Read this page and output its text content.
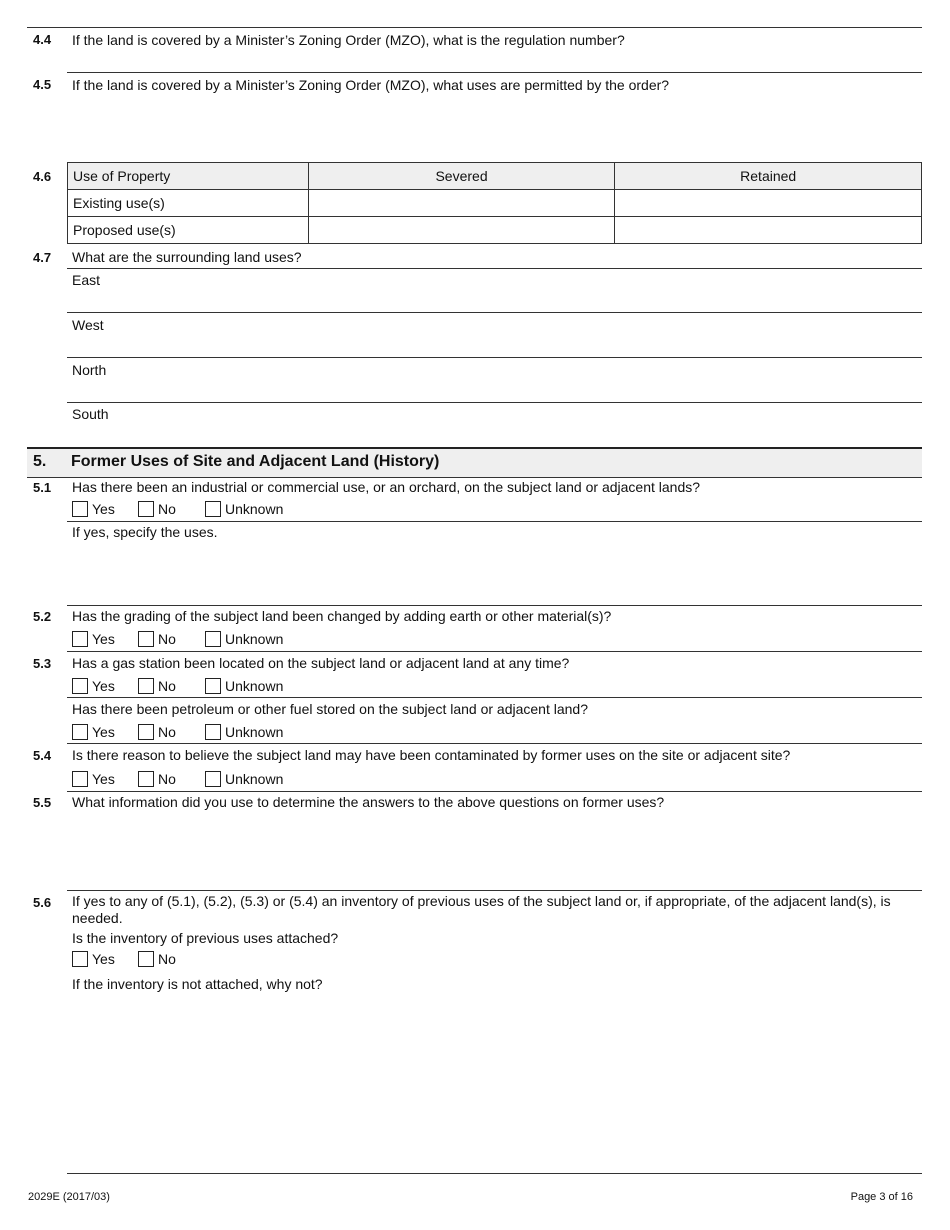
4.4 If the land is covered by a Minister’s Zoning Order (MZO), what is the regulation number?
4.5 If the land is covered by a Minister’s Zoning Order (MZO), what uses are permitted by the order?
4.6 Use of Property	Severed	Retained
Existing use(s)		
Proposed use(s)		
4.7 What are the surrounding land uses?
East
West
North
South
5. Former Uses of Site and Adjacent Land (History)
5.1 Has there been an industrial or commercial use, or an orchard, on the subject land or adjacent lands?
Yes	No	Unknown
If yes, specify the uses.
5.2 Has the grading of the subject land been changed by adding earth or other material(s)?
Yes	No	Unknown
5.3 Has a gas station been located on the subject land or adjacent land at any time?
Yes	No	Unknown
Has there been petroleum or other fuel stored on the subject land or adjacent land?
Yes	No	Unknown
5.4 Is there reason to believe the subject land may have been contaminated by former uses on the site or adjacent site?
Yes	No	Unknown
5.5 What information did you use to determine the answers to the above questions on former uses?
5.6 If yes to any of (5.1), (5.2), (5.3) or (5.4) an inventory of previous uses of the subject land or, if appropriate, of the adjacent land(s), is needed.
Is the inventory of previous uses attached?
Yes	No
If the inventory is not attached, why not?
2029E (2017/03)	Page 3 of 16
